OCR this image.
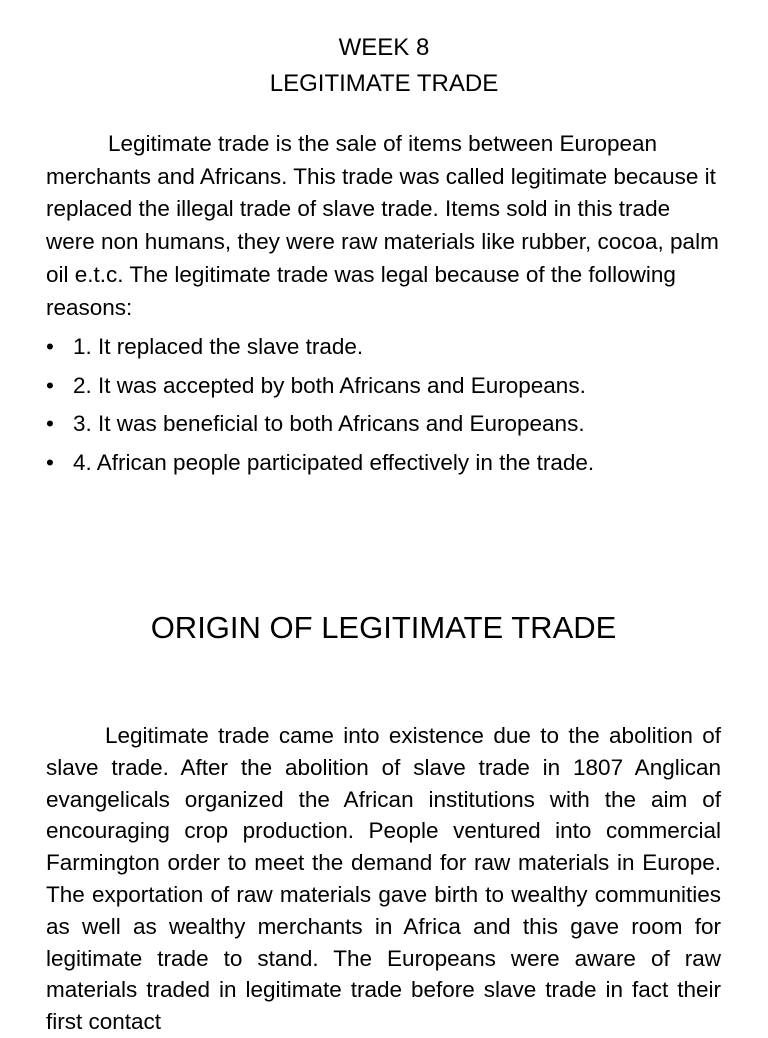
WEEK 8

LEGITIMATE TRADE

Legitimate trade is the sale of items between European merchants and Africans. This trade was called legitimate because it replaced the illegal trade of slave trade. Items sold in this trade were non humans, they were raw materials like rubber, cocoa, palm oil e.t.c. The legitimate trade was legal because of the following reasons:

• 1. It replaced the slave trade.
• 2. It was accepted by both Africans and Europeans.
• 3. It was beneficial to both Africans and Europeans.
• 4. African people participated effectively in the trade.
ORIGIN OF LEGITIMATE TRADE

Legitimate trade came into existence due to the abolition of slave trade. After the abolition of slave trade in 1807 Anglican evangelicals organized the African institutions with the aim of encouraging crop production. People ventured into commercial Farmington order to meet the demand for raw materials in Europe. The exportation of raw materials gave birth to wealthy communities as well as wealthy merchants in Africa and this gave room for legitimate trade to stand. The Europeans were aware of raw materials traded in legitimate trade before slave trade in fact their first contact
